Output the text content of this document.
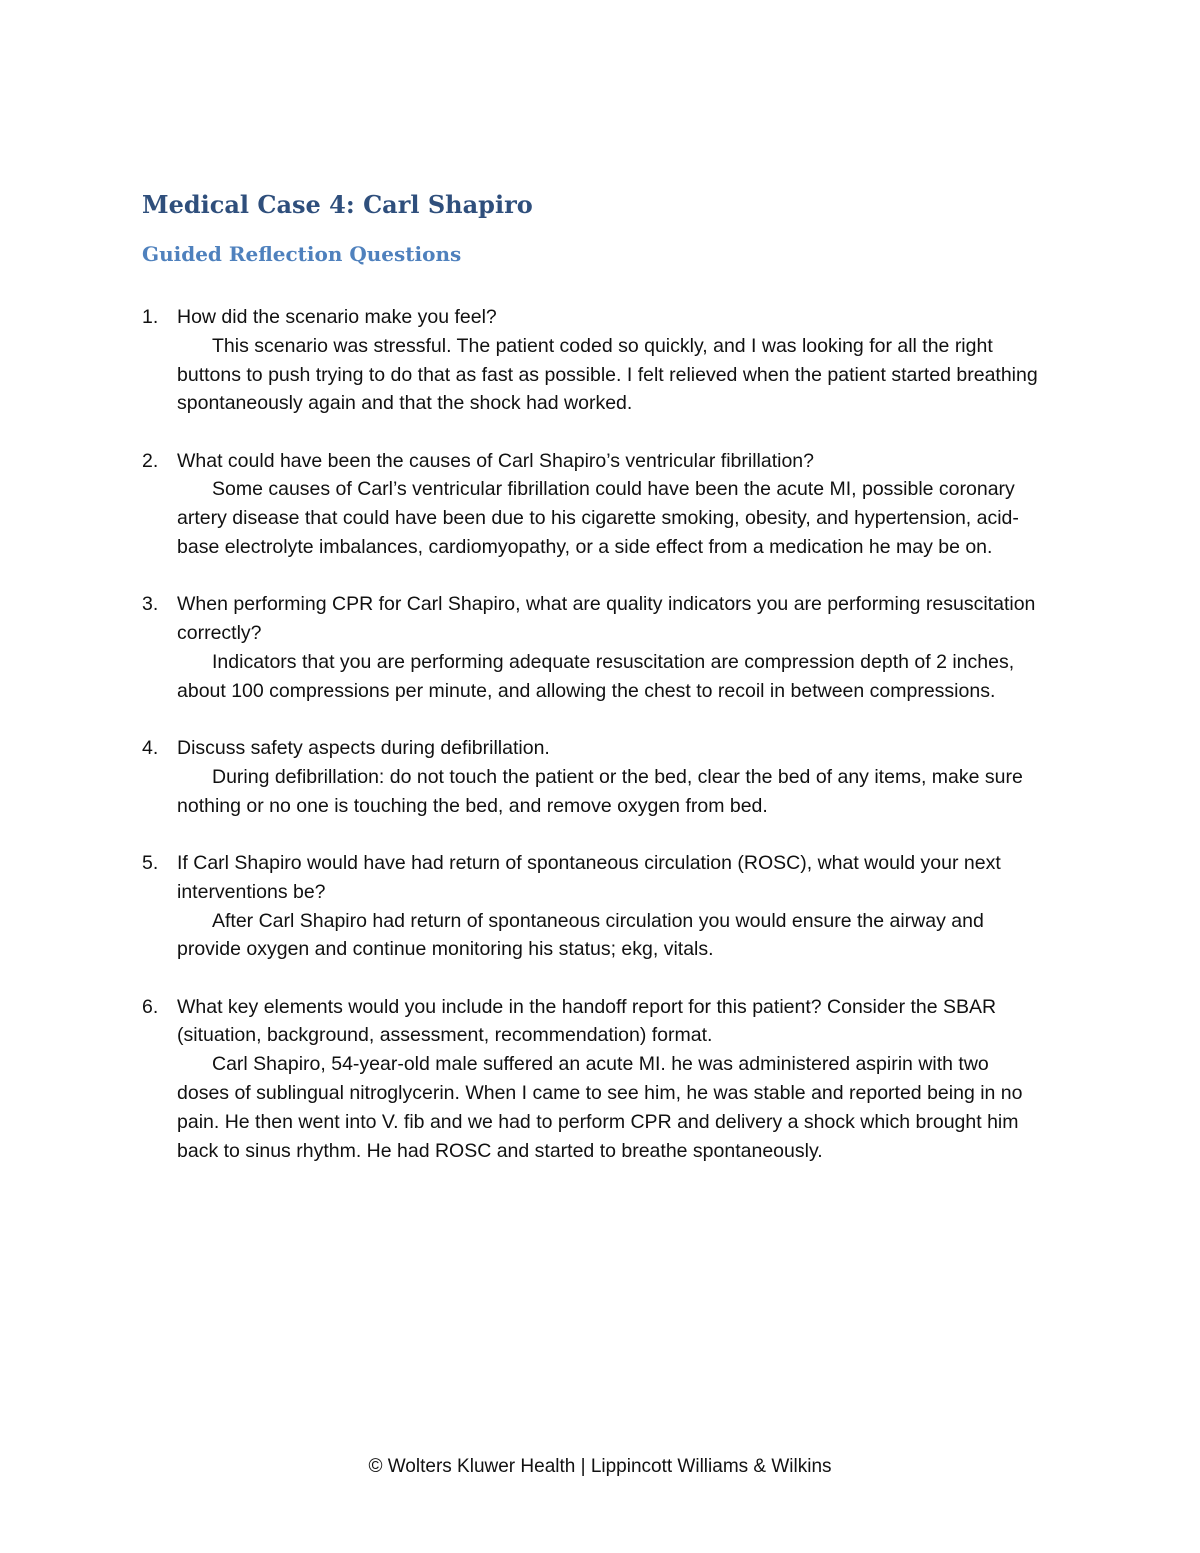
Medical Case 4: Carl Shapiro
Guided Reflection Questions
1. How did the scenario make you feel?
This scenario was stressful. The patient coded so quickly, and I was looking for all the right buttons to push trying to do that as fast as possible. I felt relieved when the patient started breathing spontaneously again and that the shock had worked.
2. What could have been the causes of Carl Shapiro’s ventricular fibrillation?
Some causes of Carl’s ventricular fibrillation could have been the acute MI, possible coronary artery disease that could have been due to his cigarette smoking, obesity, and hypertension, acid-base electrolyte imbalances, cardiomyopathy, or a side effect from a medication he may be on.
3. When performing CPR for Carl Shapiro, what are quality indicators you are performing resuscitation correctly?
Indicators that you are performing adequate resuscitation are compression depth of 2 inches, about 100 compressions per minute, and allowing the chest to recoil in between compressions.
4. Discuss safety aspects during defibrillation.
During defibrillation: do not touch the patient or the bed, clear the bed of any items, make sure nothing or no one is touching the bed, and remove oxygen from bed.
5. If Carl Shapiro would have had return of spontaneous circulation (ROSC), what would your next interventions be?
After Carl Shapiro had return of spontaneous circulation you would ensure the airway and provide oxygen and continue monitoring his status; ekg, vitals.
6. What key elements would you include in the handoff report for this patient? Consider the SBAR (situation, background, assessment, recommendation) format.
Carl Shapiro, 54-year-old male suffered an acute MI. he was administered aspirin with two doses of sublingual nitroglycerin. When I came to see him, he was stable and reported being in no pain. He then went into V. fib and we had to perform CPR and delivery a shock which brought him back to sinus rhythm. He had ROSC and started to breathe spontaneously.
© Wolters Kluwer Health | Lippincott Williams & Wilkins
